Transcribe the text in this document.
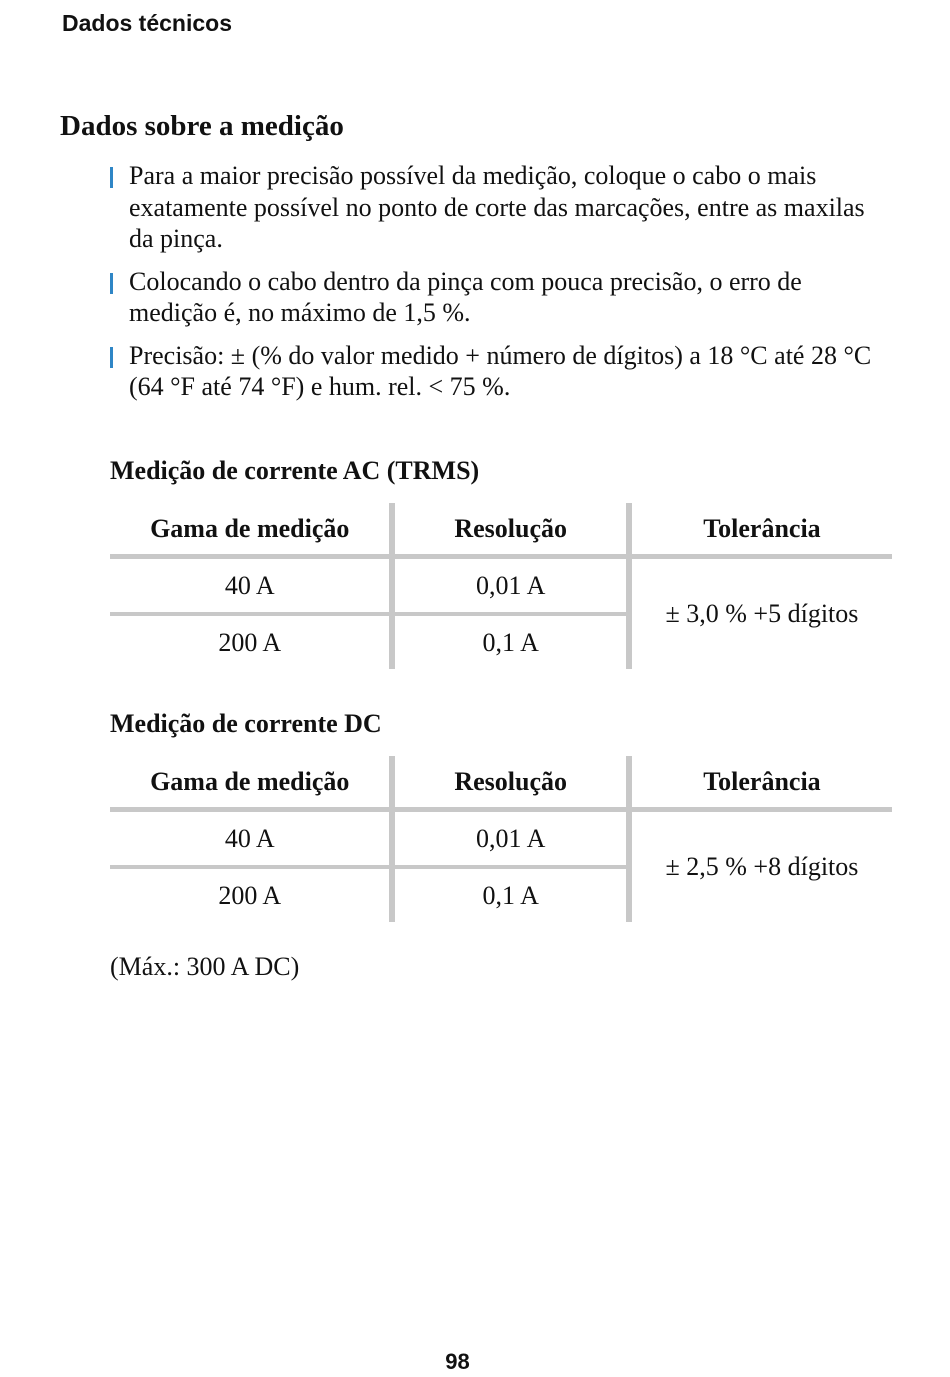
Dados técnicos
Dados sobre a medição
Para a maior precisão possível da medição, coloque o cabo o mais exatamente possível no ponto de corte das marcações, entre as maxilas da pinça.
Colocando o cabo dentro da pinça com pouca precisão, o erro de medição é, no máximo de 1,5 %.
Precisão: ± (% do valor medido + número de dígitos) a 18 °C até 28 °C (64 °F até 74 °F) e hum. rel. < 75 %.
Medição de corrente AC (TRMS)
Gama de medição	Resolução	Tolerância
40 A	0,01 A	± 3,0 % +5 dígitos
200 A	0,1 A	
Medição de corrente DC
Gama de medição	Resolução	Tolerância
40 A	0,01 A	± 2,5 % +8 dígitos
200 A	0,1 A	
(Máx.: 300 A DC)
98
